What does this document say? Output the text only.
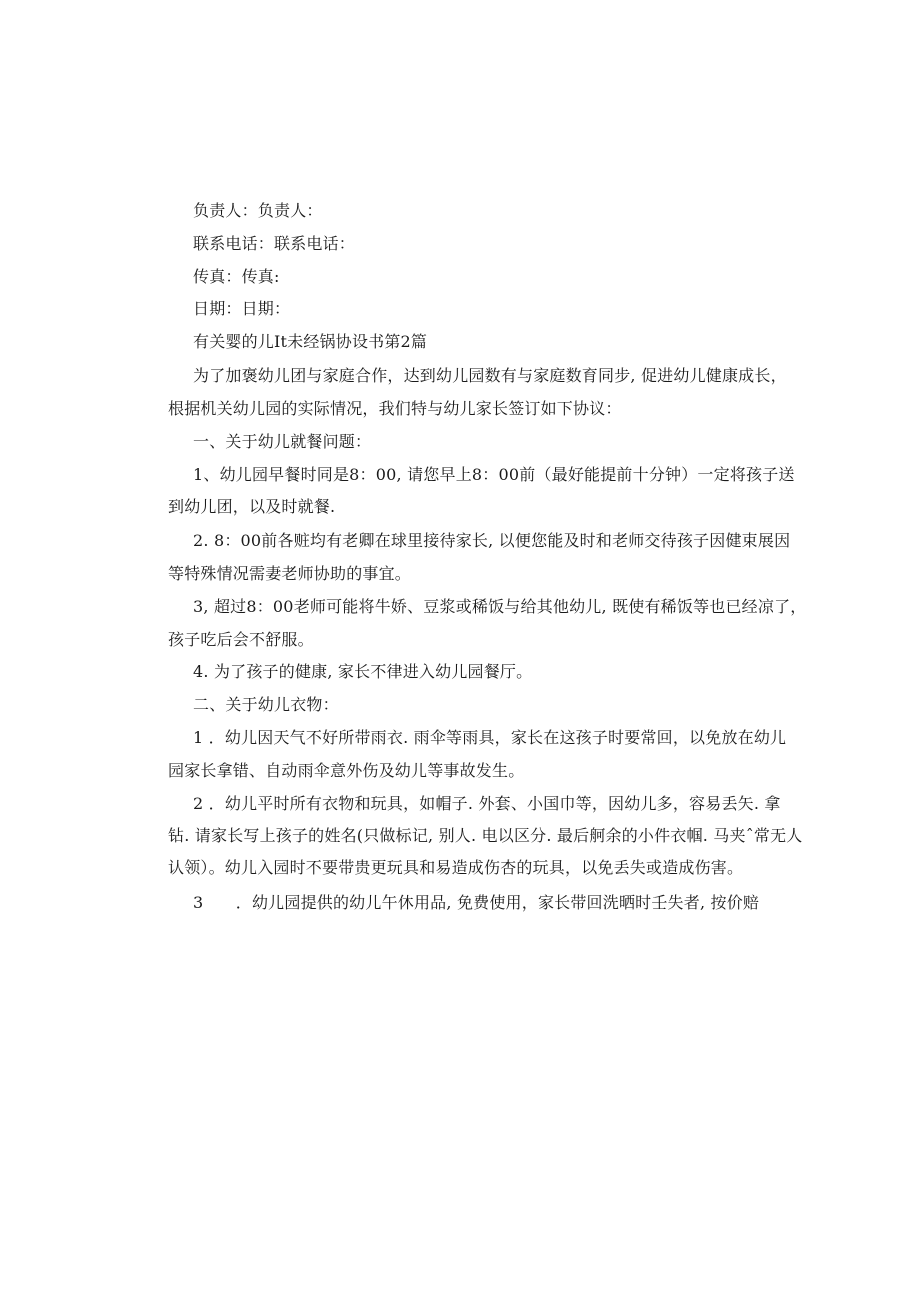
负责人：负责人：
联系电话：联系电话：
传真：传真:
日期：日期：
有关婴的儿It未经锅协设书第2篇
为了加褒幼儿团与家庭合作，达到幼儿园数有与家庭数育同步, 促进幼儿健康成长，
根据机关幼儿园的实际情况，我们特与幼儿家长签订如下协议：
一、关于幼儿就餐问题：
1、幼儿园早餐时同是8：00, 请您早上8：00前（最好能提前十分钟）一定将孩子送
到幼儿团，以及时就餐.
2. 8：00前各赃均有老卿在球里接待家长, 以便您能及时和老师交待孩子因健束展因
等特殊情况需妻老师协助的事宜。
3, 超过8：00老师可能将牛娇、豆浆或稀饭与给其他幼儿, 既使有稀饭等也已经凉了，
孩子吃后会不舒服。
4. 为了孩子的健康, 家长不律进入幼儿园餐厅。
二、关于幼儿衣物：
1 ．幼儿因天气不好所带雨衣. 雨伞等雨具，家长在这孩子时要常回，以免放在幼儿
园家长拿错、自动雨伞意外伤及幼儿等事故发生。
2 ．幼儿平时所有衣物和玩具，如帽子. 外套、小国巾等，因幼儿多，容易丢矢. 拿
钻. 请家长写上孩子的姓名(只做标记, 别人. 电以区分. 最后舸余的小件衣帼. 马夹ˆ常无人
认领）。幼儿入园时不要带贵更玩具和易造成伤杏的玩具，以免丢失或造成伤害。
3　　．幼儿园提供的幼儿午休用品, 免费使用，家长带回洗晒时壬失者, 按价赔
